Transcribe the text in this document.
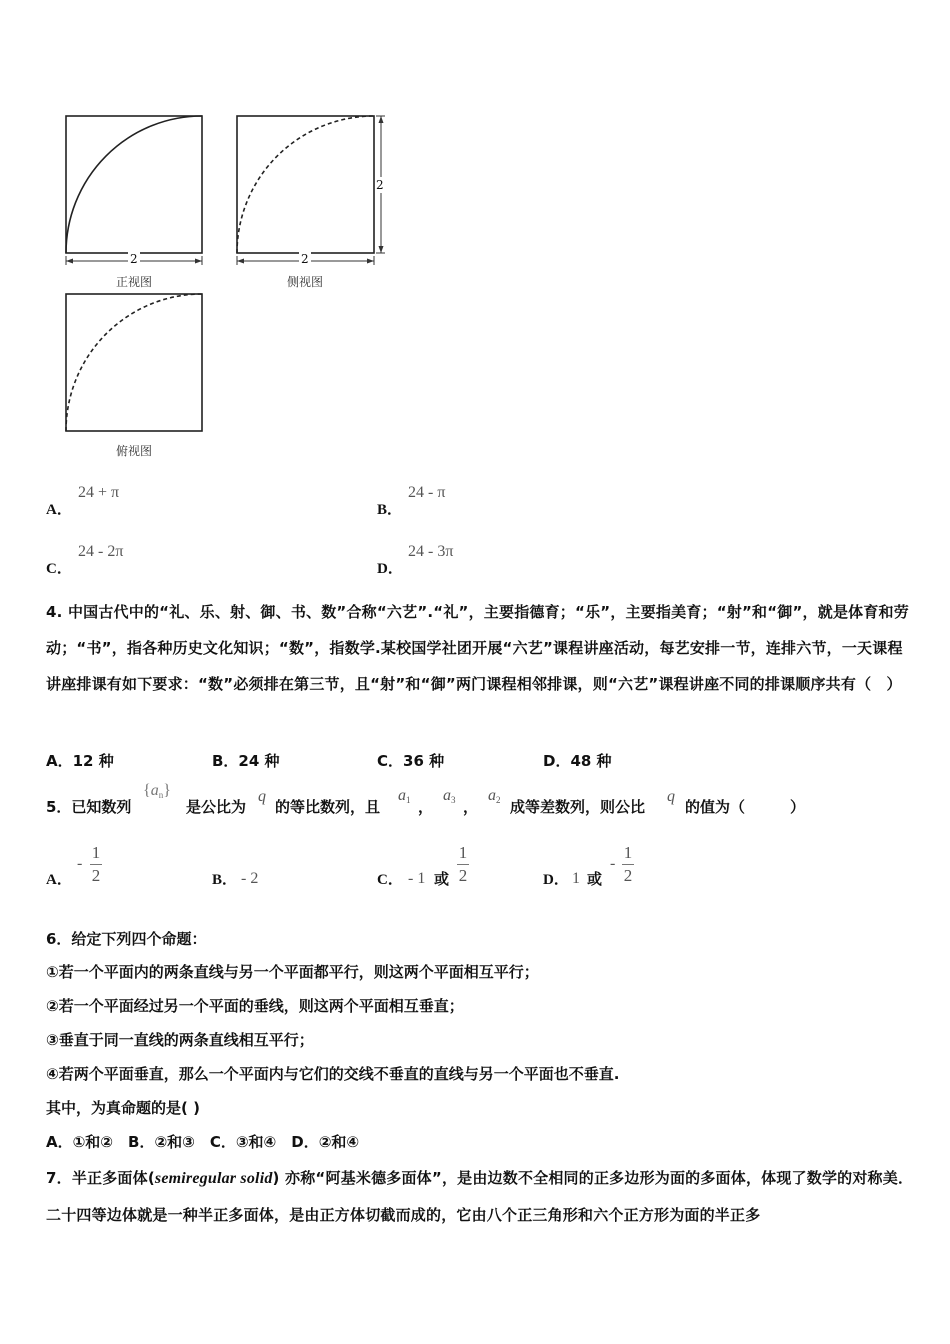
2	2
2
正视图	侧视图
俯视图
A．
24 + π
B．
24 - π
C．
24 - 2π
D．
24 - 3π
4. 中国古代中的“礼、乐、射、御、书、数”合称“六艺”.“礼”，主要指德育；“乐”，主要指美育；“射”和“御”，就是体育和劳动；“书”，指各种历史文化知识；“数”，指数学.某校国学社团开展“六艺”课程讲座活动，每艺安排一节，连排六节，一天课程讲座排课有如下要求：“数”必须排在第三节，且“射”和“御”两门课程相邻排课，则“六艺”课程讲座不同的排课顺序共有（　）
A．12 种	B．24 种	C．36 种	D．48 种
5．已知数列
{an}
是公比为
q
的等比数列，且
a1 ，
a3 ，
a2 成等差数列，则公比
q
的值为（　　　）
A．
-
1
2	B． - 2	C． - 1 或
1
2	D． 1 或
-
1
2
6．给定下列四个命题：
①若一个平面内的两条直线与另一个平面都平行，则这两个平面相互平行；
②若一个平面经过另一个平面的垂线，则这两个平面相互垂直；
③垂直于同一直线的两条直线相互平行；
④若两个平面垂直，那么一个平面内与它们的交线不垂直的直线与另一个平面也不垂直.
其中，为真命题的是( )
A．①和②　B．②和③　C．③和④　D．②和④
7．半正多面体(semiregular solid) 亦称“阿基米德多面体”，是由边数不全相同的正多边形为面的多面体，体现了数学的对称美．二十四等边体就是一种半正多面体，是由正方体切截而成的，它由八个正三角形和六个正方形为面的半正多
